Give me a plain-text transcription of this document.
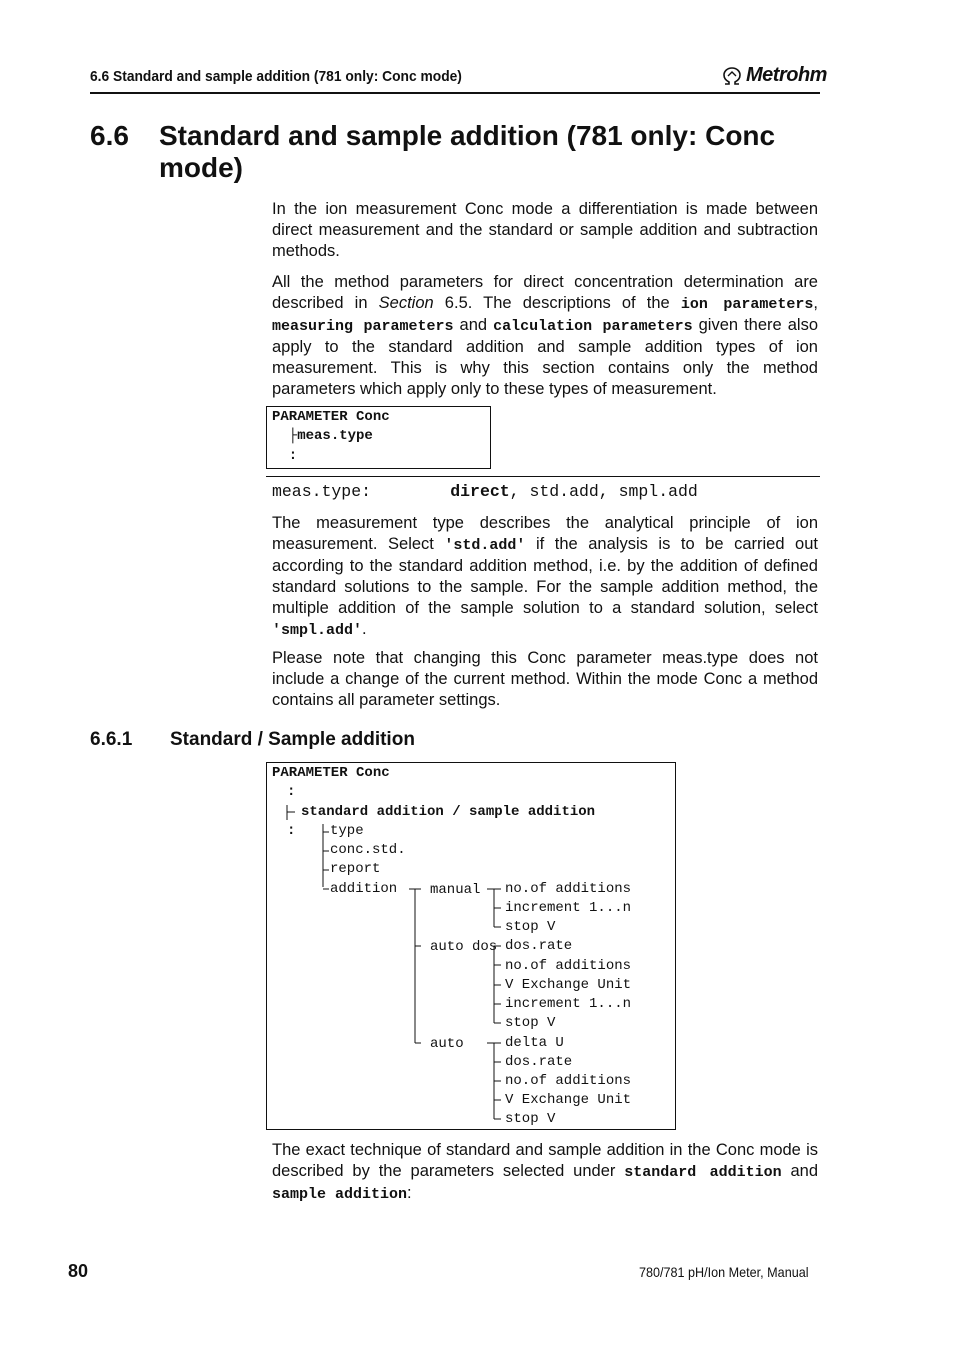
6.6 Standard and sample addition (781 only: Conc mode)	Metrohm
6.6 Standard and sample addition (781 only: Conc mode)
In the ion measurement Conc mode a differentiation is made between direct measurement and the standard or sample addition and subtraction methods.
All the method parameters for direct concentration determination are described in Section 6.5. The descriptions of the ion parameters, measuring parameters and calculation parameters given there also apply to the standard addition and sample addition types of ion measurement. This is why this section contains only the method parameters which apply only to these types of measurement.
PARAMETER Conc
├meas.type
:
meas.type:	direct, std.add, smpl.add
The measurement type describes the analytical principle of ion measurement. Select 'std.add' if the analysis is to be carried out according to the standard addition method, i.e. by the addition of defined standard solutions to the sample. For the sample addition method, the multiple addition of the sample solution to a standard solution, select 'smpl.add'.
Please note that changing this Conc parameter meas.type does not include a change of the current method. Within the mode Conc a method contains all parameter settings.
6.6.1 Standard / Sample addition
PARAMETER Conc
:
standard addition / sample addition
: type
conc.std.
report
addition manual
auto dos
auto
no.of additions
increment 1...n
stop V
dos.rate
no.of additions
V Exchange Unit
increment 1...n
stop V
delta U
dos.rate
no.of additions
V Exchange Unit
stop V
The exact technique of standard and sample addition in the Conc mode is described by the parameters selected under standard addition and sample addition:
80	780/781 pH/Ion Meter, Manual
